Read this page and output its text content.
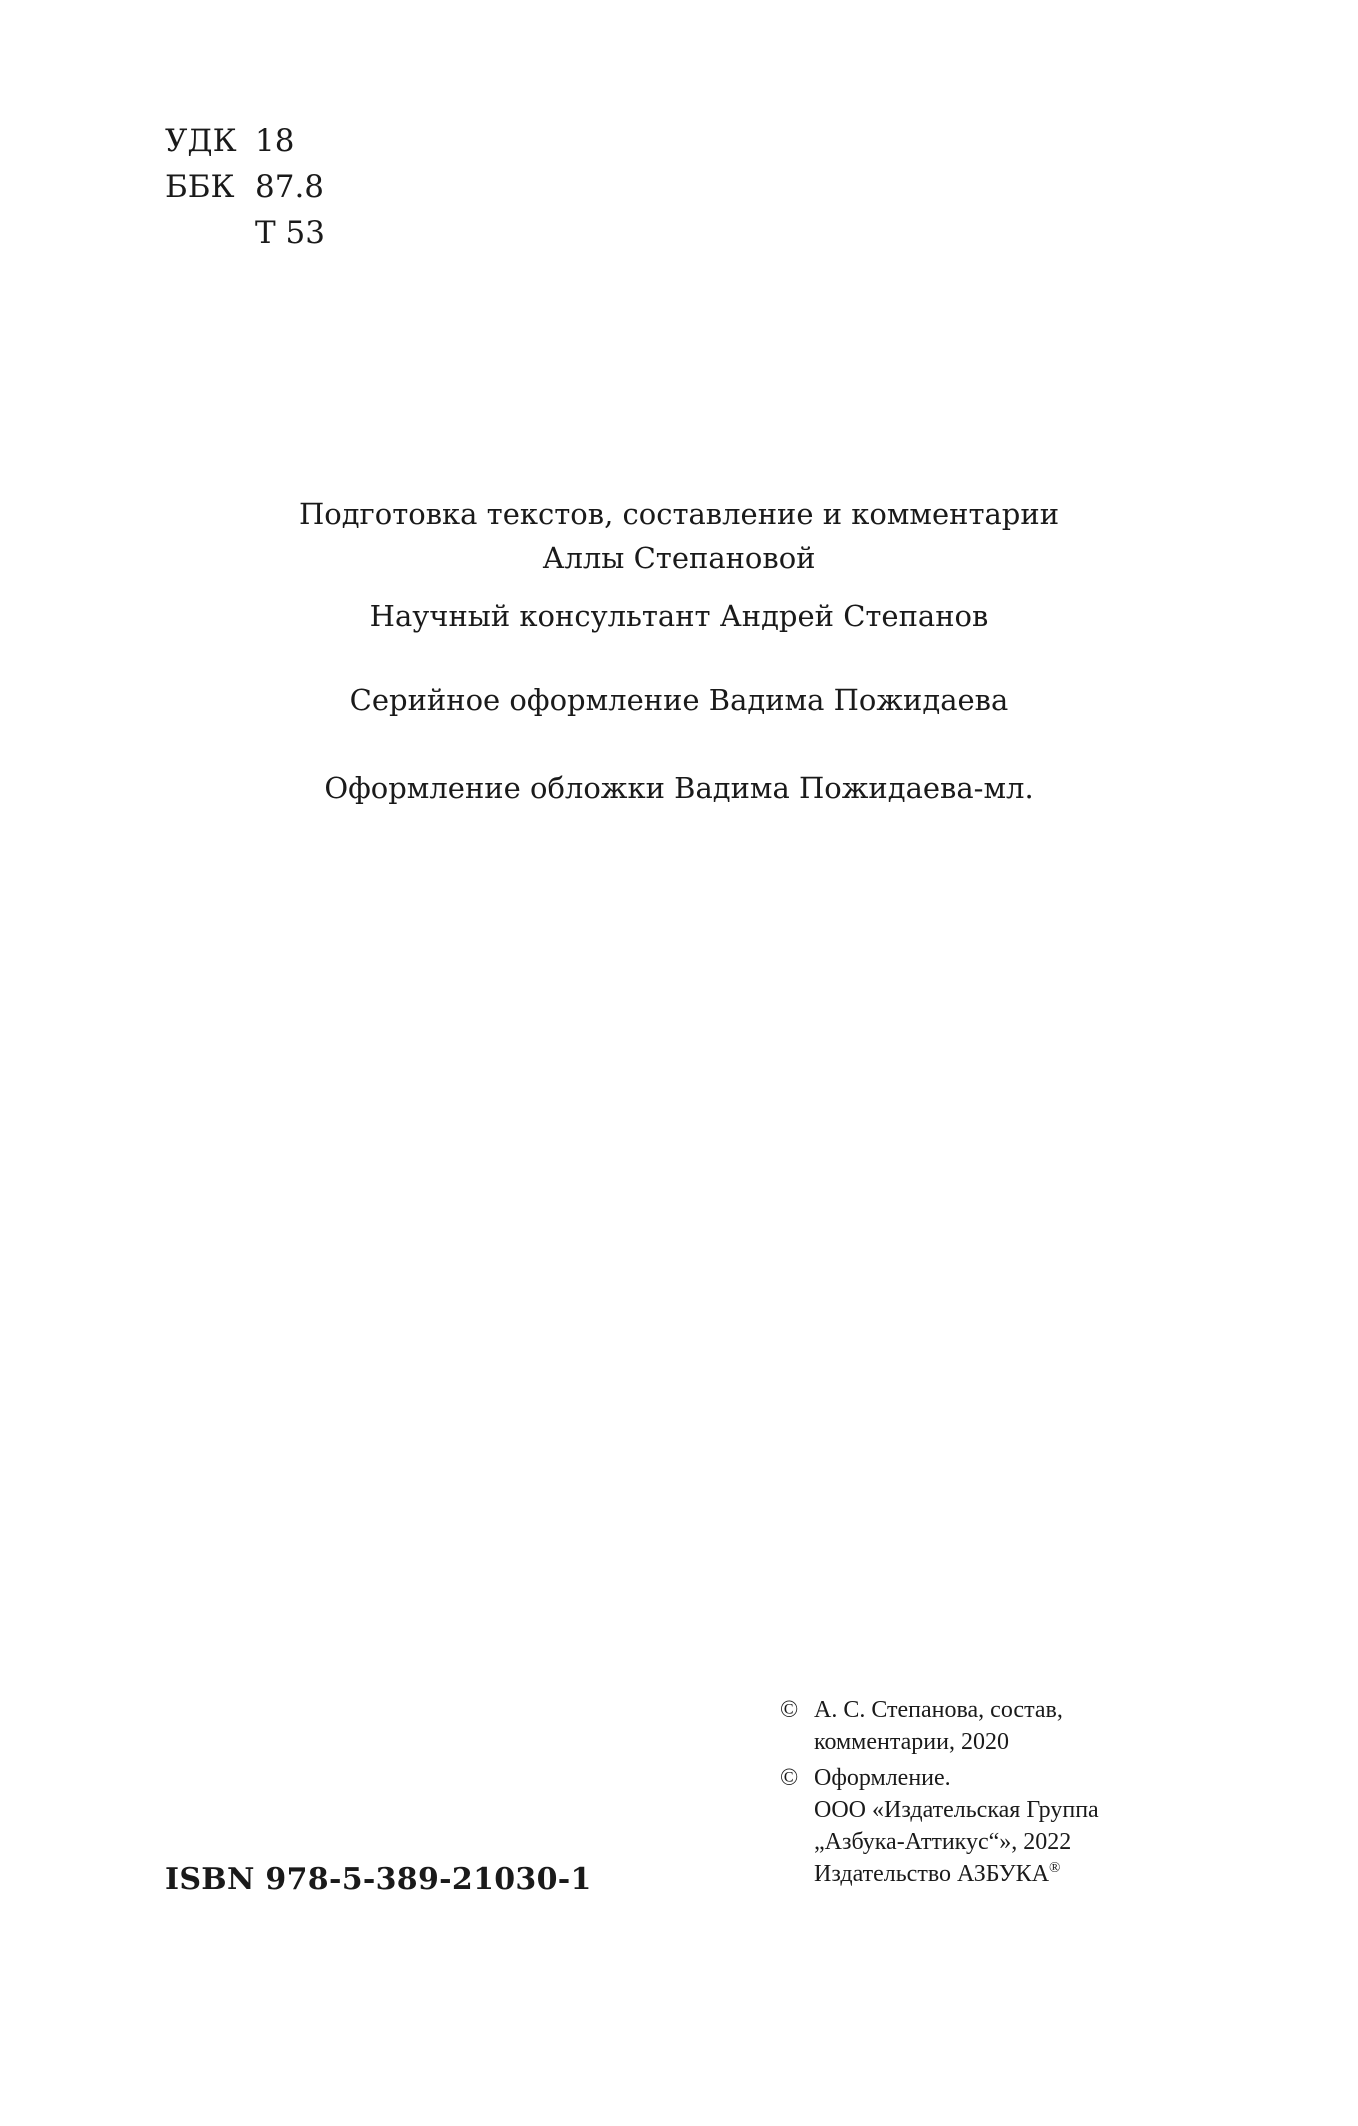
УДК 18
ББК 87.8
Т 53

Подготовка текстов, составление и комментарии

Аллы Степановой

Научный консультант Андрей Степанов

Серийное оформление Вадима Пожидаева

Оформление обложки Вадима Пожидаева-мл.

ISBN 978-5-389-21030-1
© А. С. Степанова, состав,
комментарии, 2020
© Оформление.
ООО «Издательская Группа
„Азбука-Аттикус“», 2022
Издательство АЗБУКА®
